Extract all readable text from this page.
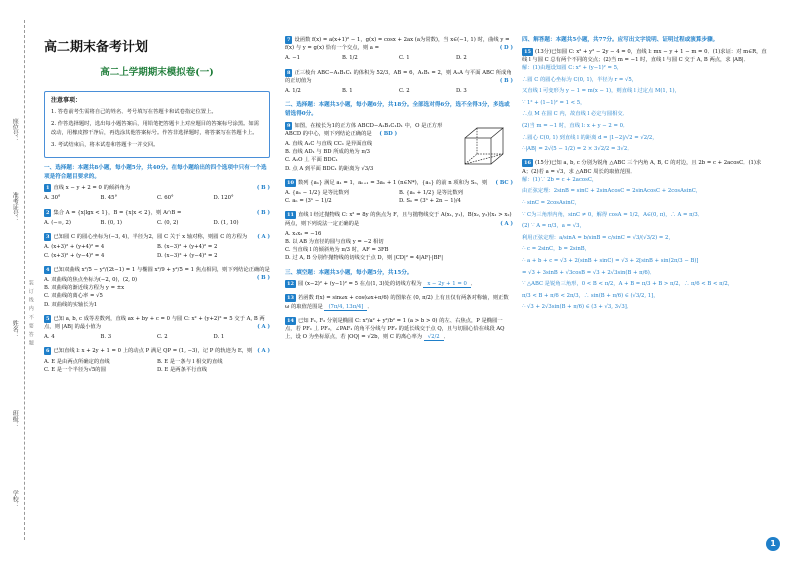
座位号：
准考证号：
姓名：
班级：
学校：
装 订 线 内 不 要 答 题
高二期末备考计划
高二上学期期末模拟卷(一)
注意事项：

1. 答卷前考生需将自己的姓名、考号填写在答题卡和试卷指定位置上。

2. 作答选择题时，选出每小题答案后，用铅笔把答题卡上对应题目的答案标号涂黑。如需改动，用橡皮擦干净后，再选涂其他答案标号。作答非选择题时，将答案写在答题卡上。

3. 考试结束后，将本试卷和答题卡一并交回。

一、选择题：本题共8小题，每小题5分，共40分。在每小题给出的四个选项中只有一个选项是符合题目要求的。
1 直线 x − y + 2 = 0 的倾斜角为	( B )
A. 30°	B. 45°	C. 60°	D. 120°
2 集合 A = {x|lgx < 1}，B = {x|x < 2}，则 A∩B =	( B )
A. (−∞, 2)	B. (0, 1)	C. (0, 2)	D. (1, 10)
3 已知圆 C 的圆心坐标为(−3, 4)，半径为2，圆 C 关于 x 轴对称，则圆 C 的方程为 ( A )
A. (x+3)² + (y+4)² = 4	B. (x−3)² + (y+4)² = 2
C. (x+3)² + (y−4)² = 4	D. (x−3)² + (y−4)² = 2
4 已知双曲线 x²/5 − y²/(2t−1) = 1 与椭圆 x²/9 + y²/5 = 1 焦点相同，则下列结论正确的是
( B )
A. 双曲线的焦点坐标为(−2, 0)，(2, 0)
B. 双曲线的渐近线方程为 y = ±x
C. 双曲线的离心率 = √5
D. 双曲线的实轴长为1
5 已知 a, b, c 成等差数列，直线 ax + by + c = 0 与圆 C: x² + (y+2)² = 5 交于 A, B 两点，则 |AB| 的最小值为	( A )
A. 4	B. 3	C. 2	D. 1
6 已知直线 l: x + 2y + 1 = 0 上的动点 P 满足 QP = (1, −3)，记 P 的轨迹为 E，则 ( A )
A. E 是由两点所确定的直线	B. E 是一条与 l 相交的直线
C. E 是一个半径为√5的圆	D. E 是两条平行直线
7 设函数 f(x) = a(x+1)² − 1，g(x) = cosx + 2ax (a为常数)，当 x∈(−1, 1) 时，曲线 y = f(x) 与 y = g(x) 恰有一个交点，则 a =	( D )
A. −1	B. 1/2	C. 1	D. 2
8 正三棱台 ABC−A₁B₁C₁ 的体积为 52/3，AB = 6，A₁B₁ = 2，则 A₁A 与平面 ABC 所成角的正切值为	( B )
A. 1/2	B. 1	C. 2	D. 3
二、选择题：本题共3小题，每小题6分，共18分。全部选对得6分，选不全得3分，多选或错选得0分。
9 如图，在棱长为1的正方体 ABCD−A₁B₁C₁D₁ 中，O 是正方形 ABCD 的中心，则下列结论正确的是 ( BD )
A. 直线 A₁C 与直线 CC₁ 是异面直线
B. 直线 AD₁ 与 BD 所成的角为 π/3
C. A₁O 丄 平面 BDC₁
D. 点 A 到平面 BDC₁ 的距离为 √3/3
10 数列 {aₙ} 满足 a₁ = 1，aₙ₊₁ = 3aₙ + 1 (n∈N*)，{aₙ} 的前 n 项和为 Sₙ，则 ( BC )
A. {aₙ − 1/2} 是等比数列	B. {aₙ + 1/2} 是等比数列
C. aₙ = (3ⁿ − 1)/2	D. Sₙ = (3ⁿ + 2n − 1)/4
11 直线 l 经过抛物线 C: x² = 8y 的焦点为 F，且与抛物线交于 A(x₁, y₁)，B(x₂, y₂)(x₁ > x₂) 两点，则下列说法一定正确的是	( A )
A. x₁x₂ = −16
B. 以 AB 为直径的圆与直线 y = −2 相切
C. 当直线 l 的倾斜角为 π/3 时，AF = 3FB
D. 过 A, B 分别作抛物线的切线交于点 D，则 |CD|² = 4|AF|·|BF|
三、填空题：本题共3小题，每小题5分，共15分。
12 圆 (x−2)² + (y−1)² = 5 在点(1, 3)处的切线方程为 x − 2y + 1 = 0 ．
13 若函数 f(x) = sinωx + cos(ωx+π/6) 的图象在 (0, π/2) 上有且仅有两条对称轴，则正数 ω 的取值范围是 (7π/4, 13π/4] ．
14 已知 F₁, F₂ 分别是椭圆 C: x²/a² + y²/b² = 1 (a > b > 0) 的左、右焦点，P 是椭圆一点，若 PF₁ 丄 PF₂，∠PAF₁ 的角平分线与 PF₂ 的延长线交于点 Q，且与切圆心恰在线段 AQ 上，设 O 为坐标原点，若 |OQ| = √2b，则 C 的离心率为 √2/2 ．
四、解答题：本题共5小题，共77分。应写出文字说明、证明过程或演算步骤。
15 (13分)已知圆 C: x² + y² − 2y − 4 = 0，直线 l: mx − y + 1 − m = 0．(1)求证：对 m∈R，直线 l 与圆 C 总有两个不同的交点；(2)当 m = −1 时，直线 l 与圆 C 交于 A, B 两点，求 |AB|．

解：(1)由题设知圆 C: x² + (y−1)² = 5，

∴圆 C 的圆心坐标为 C(0, 1)，半径为 r = √5，

又直线 l 可变形为 y − 1 = m(x − 1)，则直线 l 过定点 M(1, 1)，

∵ 1² + (1−1)² = 1 < 5，

∴点 M 在圆 C 内，故直线 l 必定与圆相交．

(2)当 m = −1 时，直线 l: x + y − 2 = 0．

∴圆心 C(0, 1) 到直线 l 的距离 d = |1−2|/√2 = √2/2，

∴|AB| = 2√(5 − 1/2) = 2 × 3√2/2 = 3√2．

16 (15分)已知 a, b, c 分别为锐角 △ABC 三个内角 A, B, C 的对边，且 2b = c + 2acosC．(1)求 A；(2)若 a = √3，求 △ABC 周长的取值范围．

解：(1)∵ 2b = c + 2acosC，

由正弦定理：2sinB = sinC + 2sinAcosC = 2sinAcosC + 2cosAsinC，

∴ sinC = 2cosAsinC，

∵ C为三角形内角，sinC ≠ 0，解得 cosA = 1/2，A∈(0, π)，∴ A = π/3．

(2) ∵ A = π/3，a = √3，

利用正弦定理：a/sinA = b/sinB = c/sinC = √3/(√3/2) = 2，

∴ c = 2sinC，b = 2sinB，

∴ a + b + c = √3 + 2(sinB + sinC) = √3 + 2[sinB + sin(2π/3 − B)]

= √3 + 3sinB + √3cosB = √3 + 2√3sin(B + π/6)．

∵ △ABC 是锐角三角形，0 < B < π/2，A + B = π/3 + B > π/2，∴ π/6 < B < π/2，

π/3 < B + π/6 < 2π/3，∴ sin(B + π/6) ∈ (√3/2, 1]，

∴ √3 + 2√3sin(B + π/6) ∈ (3 + √3, 3√3]．

1
